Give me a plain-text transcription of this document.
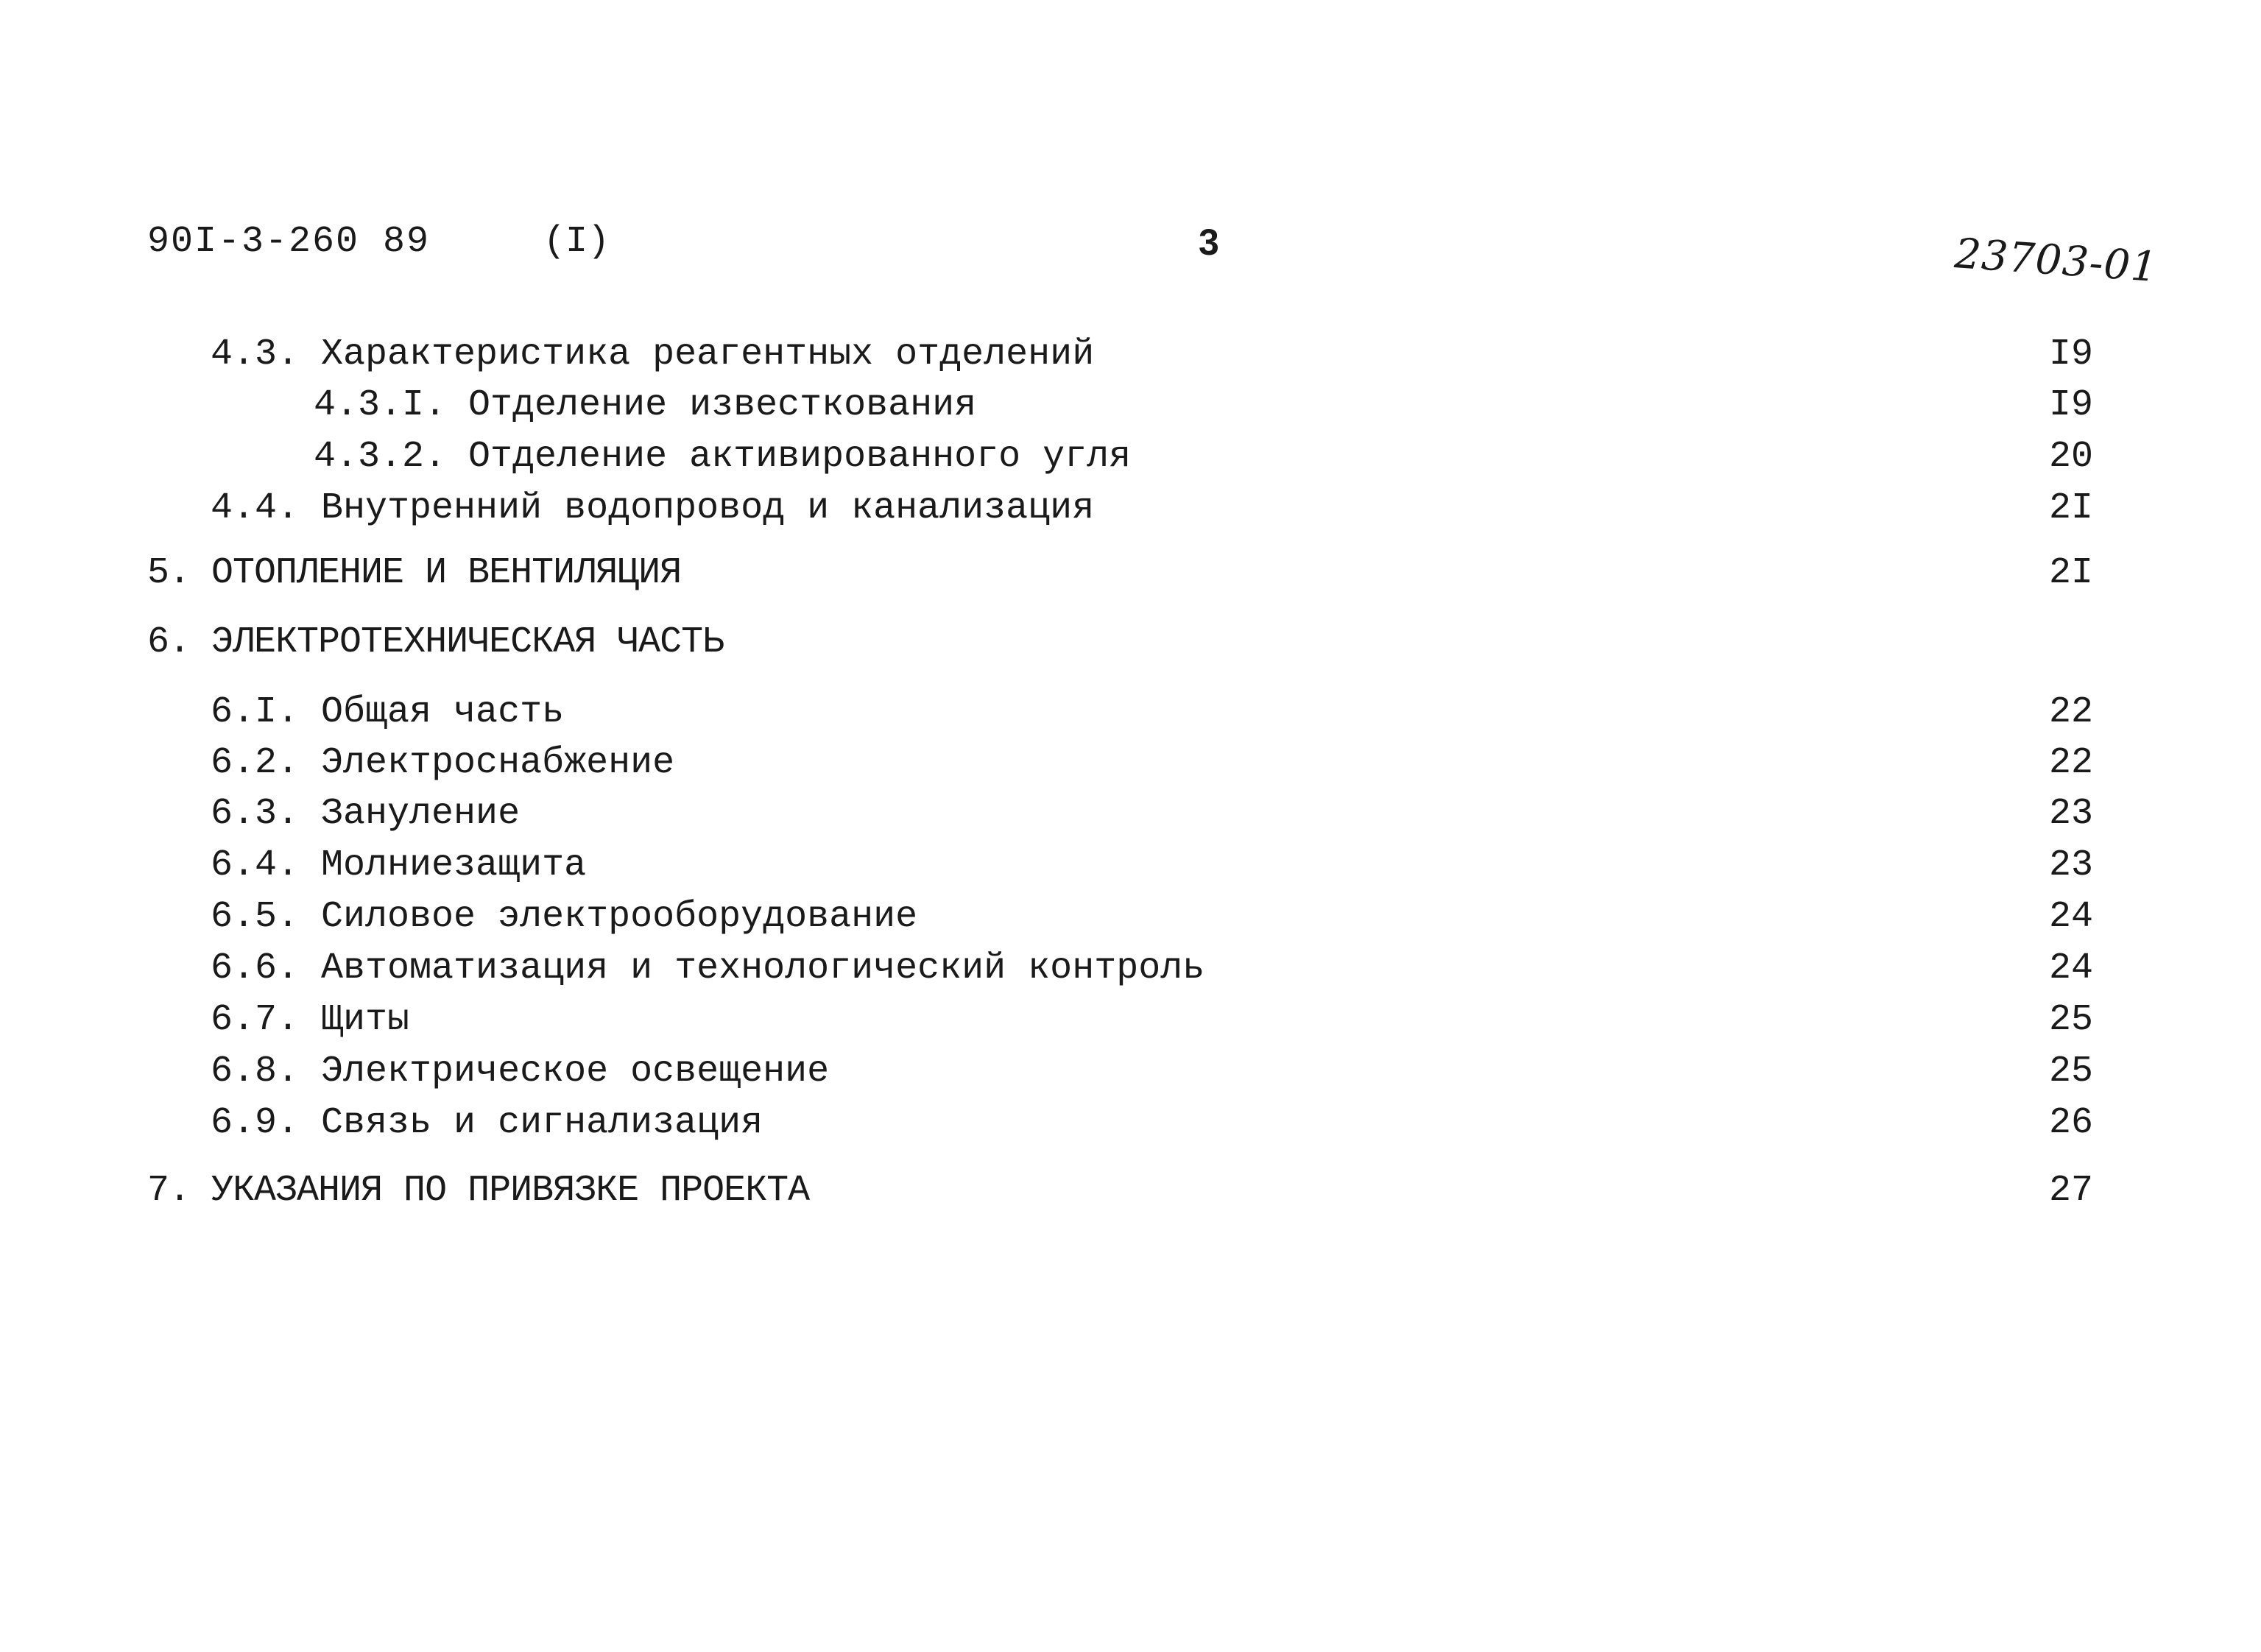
90I-3-260 89	(I)	3	23703-01
4.3. Характеристика реагентных отделений	I9
4.3.I. Отделение известкования	I9
4.3.2. Отделение активированного угля	20
4.4. Внутренний водопровод и канализация	2I
5. ОТОПЛЕНИЕ И ВЕНТИЛЯЦИЯ	2I
6. ЭЛЕКТРОТЕХНИЧЕСКАЯ ЧАСТЬ
6.I. Общая часть	22
6.2. Электроснабжение	22
6.3. Зануление	23
6.4. Молниезащита	23
6.5. Силовое электрооборудование	24
6.6. Автоматизация и технологический контроль	24
6.7. Щиты	25
6.8. Электрическое освещение	25
6.9. Связь и сигнализация	26
7. УКАЗАНИЯ ПО ПРИВЯЗКЕ ПРОЕКТА	27
